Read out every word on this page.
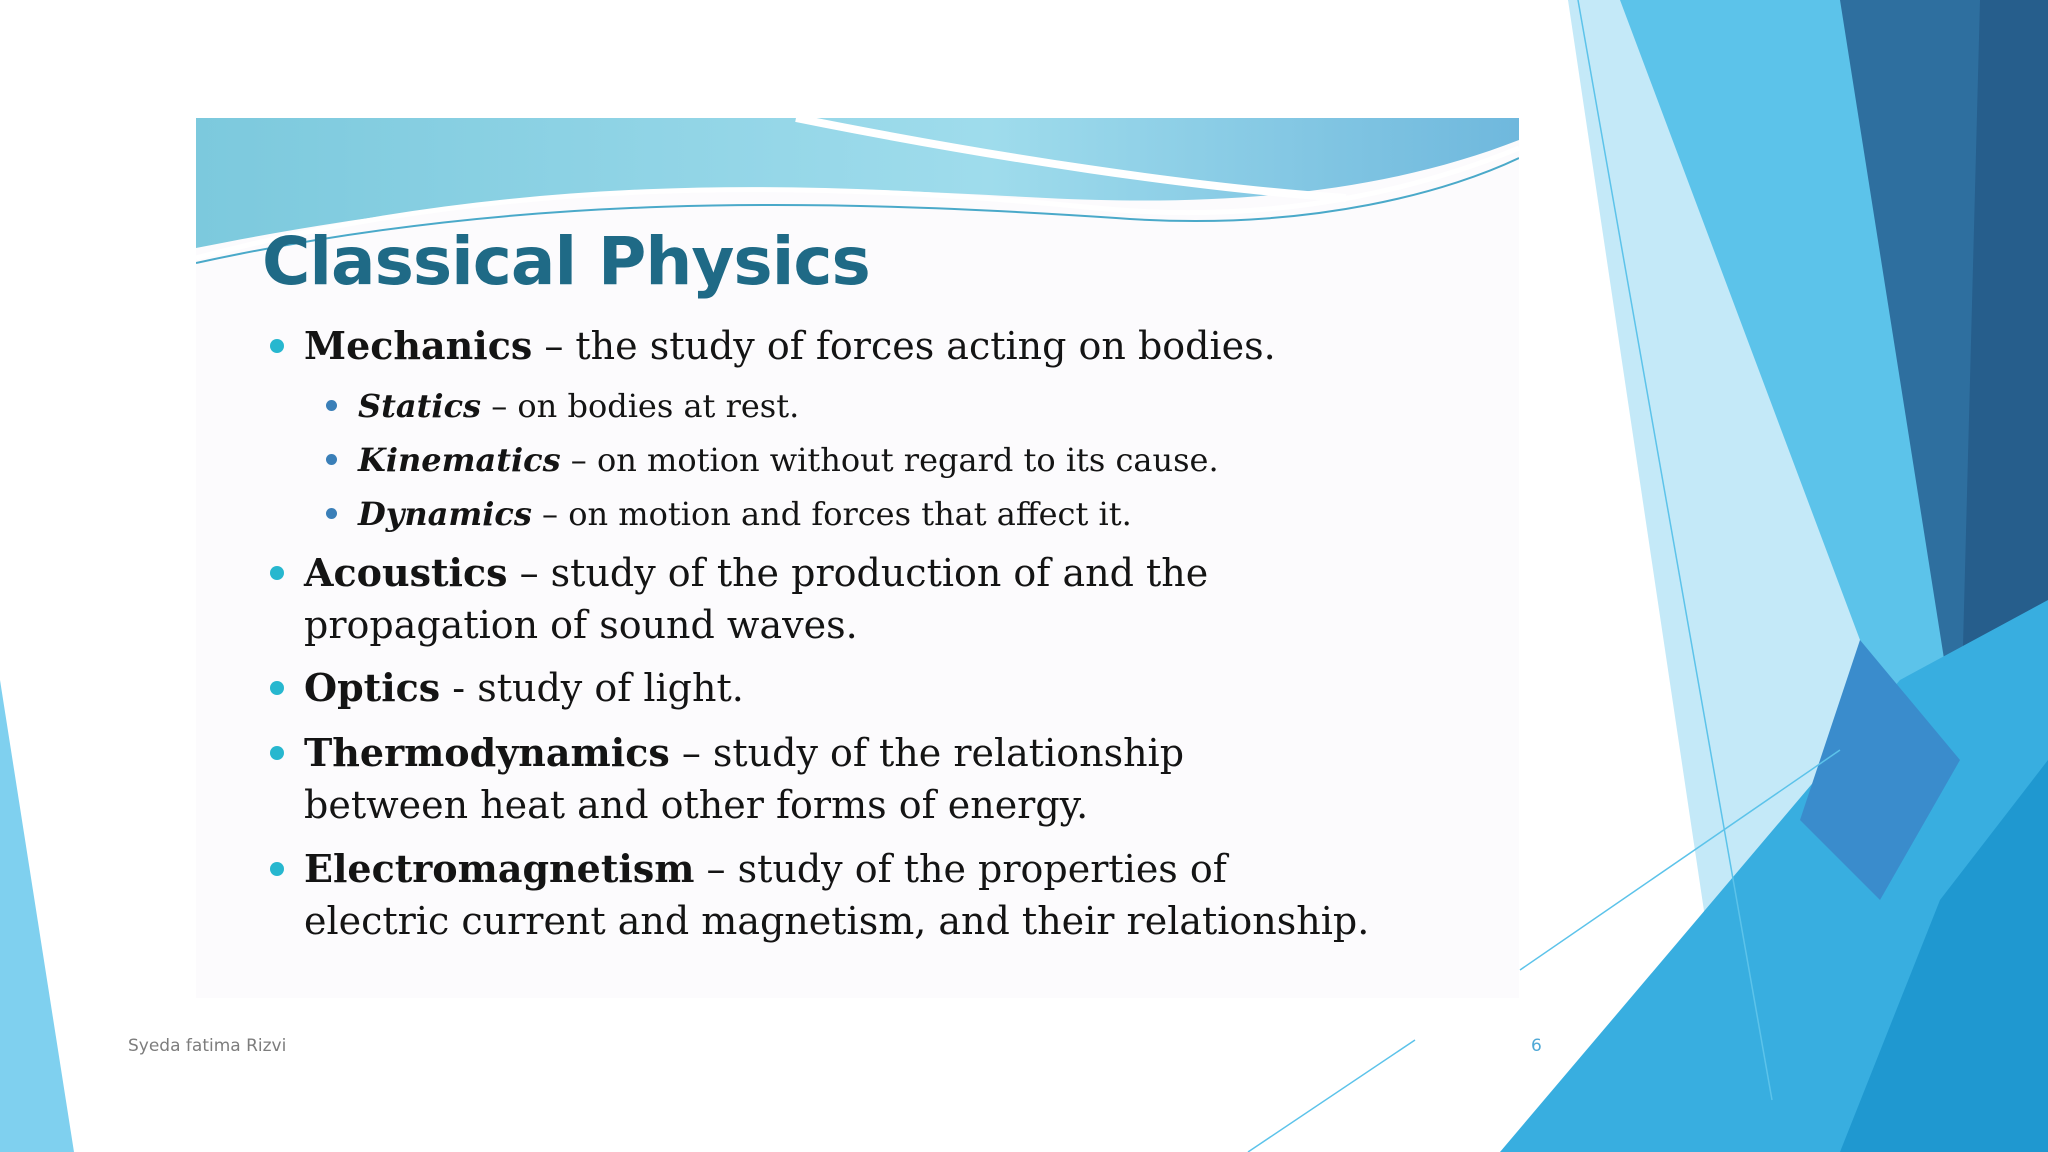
Classical Physics
Mechanics – the study of forces acting on bodies.
Statics – on bodies at rest.
Kinematics – on motion without regard to its cause.
Dynamics – on motion and forces that affect it.
Acoustics – study of the production of and the
propagation of sound waves.
Optics - study of light.
Thermodynamics – study of the relationship
between heat and other forms of energy.
Electromagnetism – study of the properties of
electric current and magnetism, and their relationship.
Syeda fatima Rizvi	6
